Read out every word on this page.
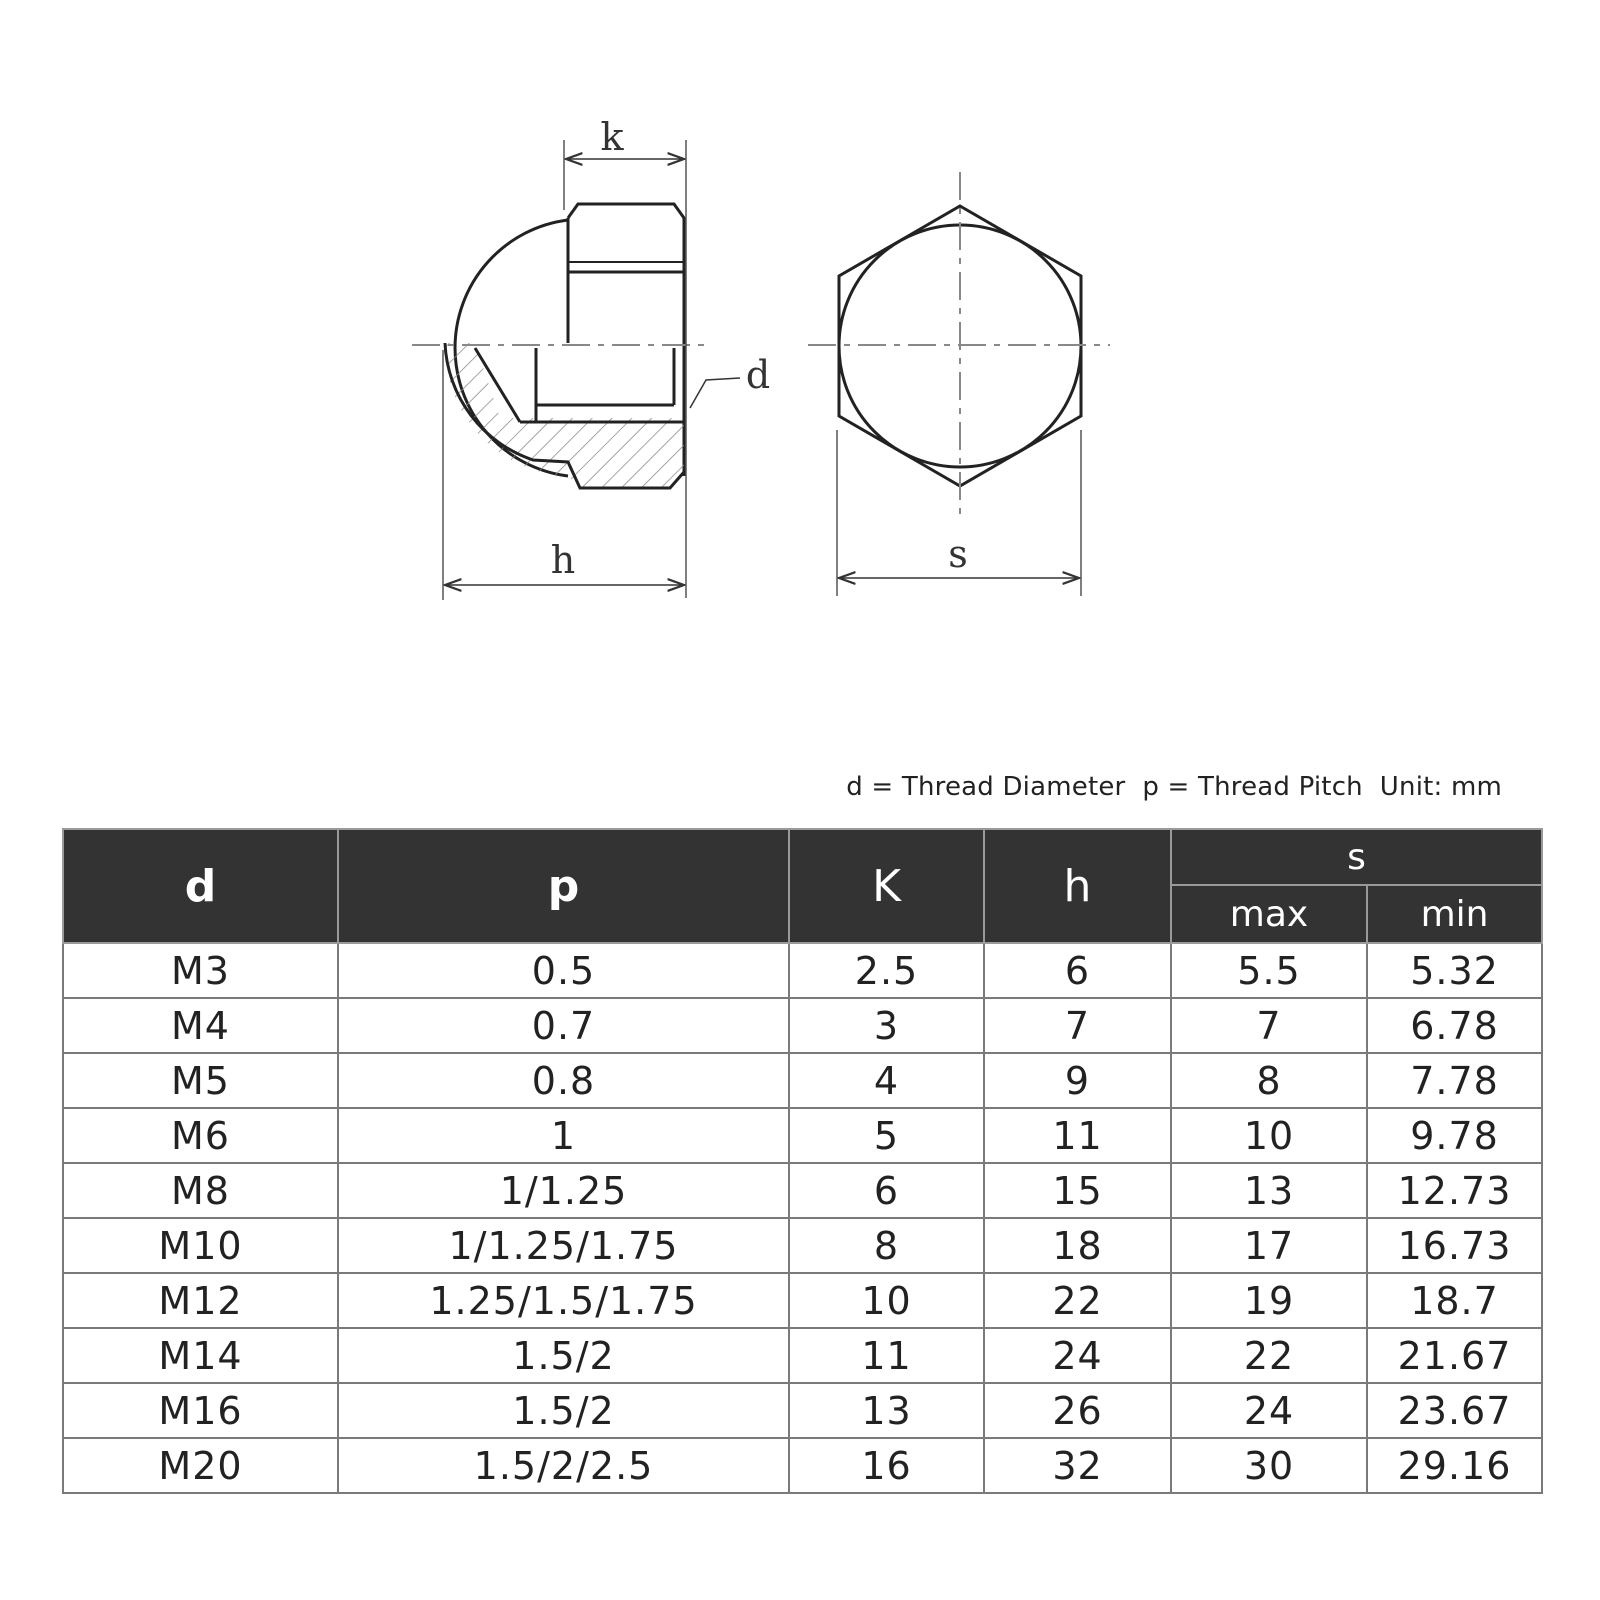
k
h
d
s
d = Thread Diameter  p = Thread Pitch  Unit: mm
d	p	K	h	s	
				max	min
M3	0.5	2.5	6	5.5	5.32
M4	0.7	3	7	7	6.78
M5	0.8	4	9	8	7.78
M6	1	5	11	10	9.78
M8	1/1.25	6	15	13	12.73
M10	1/1.25/1.75	8	18	17	16.73
M12	1.25/1.5/1.75	10	22	19	18.7
M14	1.5/2	11	24	22	21.67
M16	1.5/2	13	26	24	23.67
M20	1.5/2/2.5	16	32	30	29.16
